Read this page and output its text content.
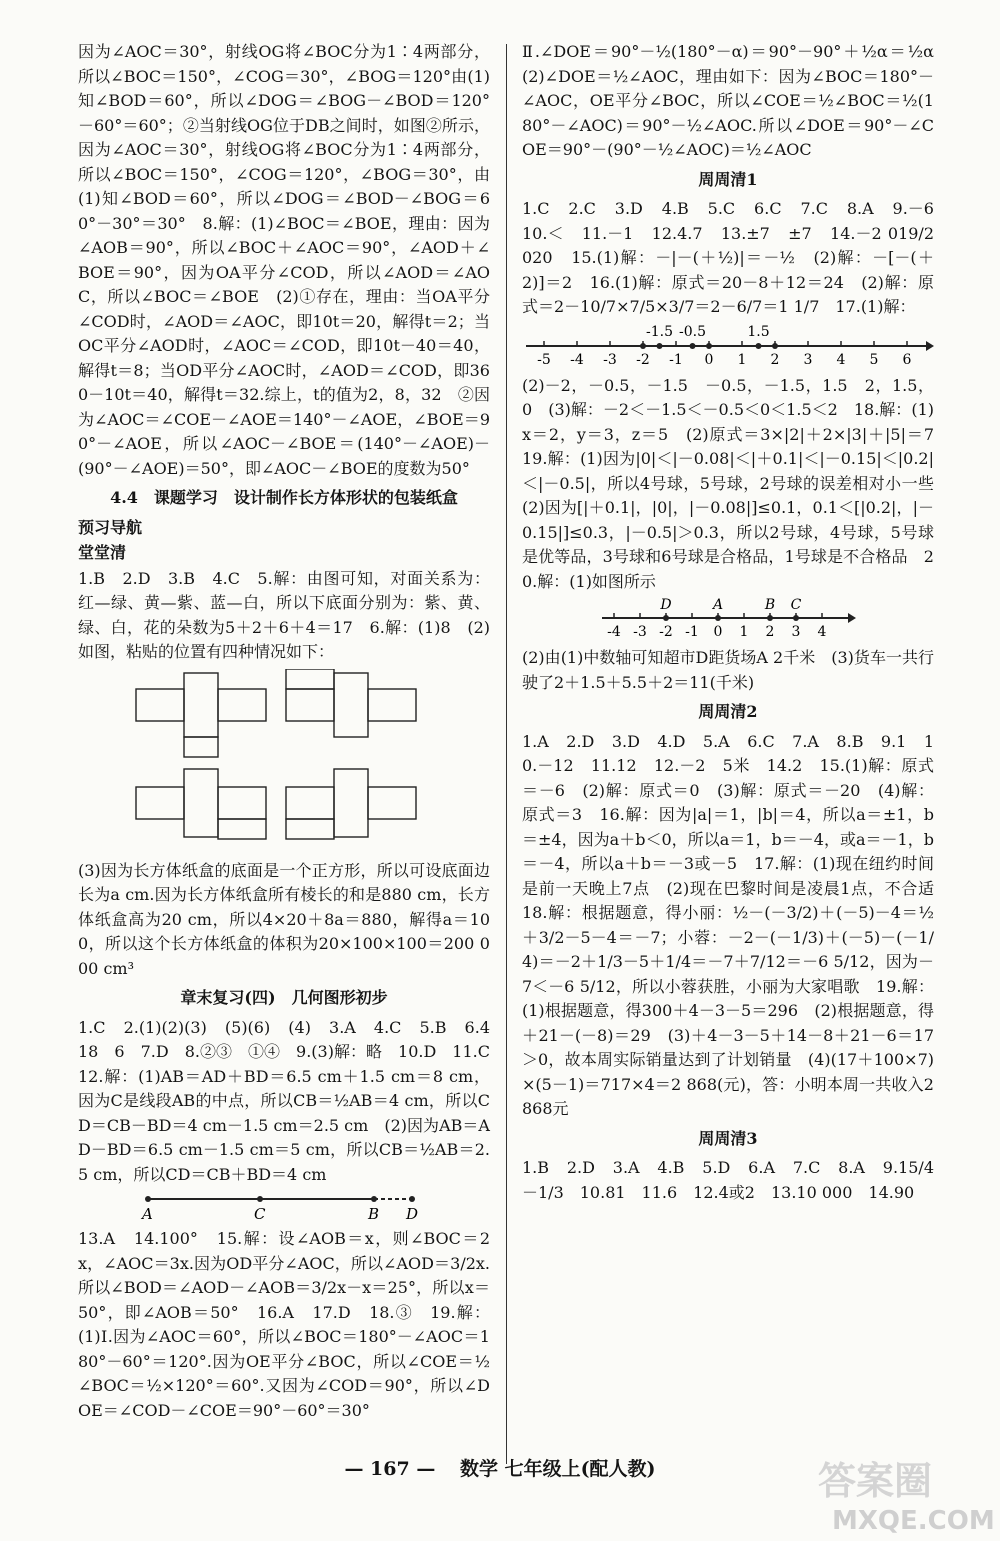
因为∠AOC＝30°，射线OG将∠BOC分为1∶4两部分，所以∠BOC＝150°，∠COG＝30°，∠BOG＝120°由(1)知∠BOD＝60°，所以∠DOG＝∠BOG－∠BOD＝120°－60°＝60°；②当射线OG位于DB之间时，如图②所示，因为∠AOC＝30°，射线OG将∠BOC分为1∶4两部分，所以∠BOC＝150°，∠COG＝120°，∠BOG＝30°，由(1)知∠BOD＝60°，所以∠DOG＝∠BOD－∠BOG＝60°－30°＝30°　8.解：(1)∠BOC＝∠BOE，理由：因为∠AOB＝90°，所以∠BOC＋∠AOC＝90°，∠AOD＋∠BOE＝90°，因为OA平分∠COD，所以∠AOD＝∠AOC，所以∠BOC＝∠BOE　(2)①存在，理由：当OA平分∠COD时，∠AOD＝∠AOC，即10t＝20，解得t＝2；当OC平分∠AOD时，∠AOC＝∠COD，即10t－40＝40，解得t＝8；当OD平分∠AOC时，∠AOD＝∠COD，即360－10t＝40，解得t＝32.综上，t的值为2，8，32　②因为∠AOC＝∠COE－∠AOE＝140°－∠AOE，∠BOE＝90°－∠AOE，所以∠AOC－∠BOE＝(140°－∠AOE)－(90°－∠AOE)＝50°，即∠AOC－∠BOE的度数为50°

4.4　课题学习　设计制作长方体形状的包装纸盒
预习导航
堂堂清

1.B　2.D　3.B　4.C　5.解：由图可知，对面关系为：红—绿、黄—紫、蓝—白，所以下底面分别为：紫、黄、绿、白，花的朵数为5＋2＋6＋4＝17　6.解：(1)8　(2)如图，粘贴的位置有四种情况如下：

(3)因为长方体纸盒的底面是一个正方形，所以可设底面边长为a cm.因为长方体纸盒所有棱长的和是880 cm，长方体纸盒高为20 cm，所以4×20＋8a＝880，解得a＝100，所以这个长方体纸盒的体积为20×100×100＝200 000 cm³

章末复习(四)　几何图形初步

1.C　2.(1)(2)(3)　(5)(6)　(4)　3.A　4.C　5.B　6.4　18　6　7.D　8.②③　①④　9.(3)解：略　10.D　11.C　12.解：(1)AB＝AD＋BD＝6.5 cm＋1.5 cm＝8 cm，因为C是线段AB的中点，所以CB＝½AB＝4 cm，所以CD＝CB－BD＝4 cm－1.5 cm＝2.5 cm　(2)因为AB＝AD－BD＝6.5 cm－1.5 cm＝5 cm，所以CB＝½AB＝2.5 cm，所以CD＝CB＋BD＝4 cm

A	C	B D

13.A　14.100°　15.解：设∠AOB＝x，则∠BOC＝2x，∠AOC＝3x.因为OD平分∠AOC，所以∠AOD＝3/2x.所以∠BOD＝∠AOD－∠AOB＝3/2x－x＝25°，所以x＝50°，即∠AOB＝50°　16.A　17.D　18.③　19.解：(1)Ⅰ.因为∠AOC＝60°，所以∠BOC＝180°－∠AOC＝180°－60°＝120°.因为OE平分∠BOC，所以∠COE＝½∠BOC＝½×120°＝60°.又因为∠COD＝90°，所以∠DOE＝∠COD－∠COE＝90°－60°＝30°

Ⅱ.∠DOE＝90°－½(180°－α)＝90°－90°＋½α＝½α　(2)∠DOE＝½∠AOC，理由如下：因为∠BOC＝180°－∠AOC，OE平分∠BOC，所以∠COE＝½∠BOC＝½(180°－∠AOC)＝90°－½∠AOC.所以∠DOE＝90°－∠COE＝90°－(90°－½∠AOC)＝½∠AOC

周周清1

1.C　2.C　3.D　4.B　5.C　6.C　7.C　8.A　9.－6　10.＜　11.－1　12.4.7　13.±7　±7　14.－2 019/2 020　15.(1)解：－|－(＋½)|＝－½　(2)解：－[－(＋2)]＝2　16.(1)解：原式＝20－8＋12＝24　(2)解：原式＝2－10/7×7/5×3/7＝2－6/7＝1 1/7　17.(1)解：

-5 -4 -3 -2 -1 0 1 2 3 4 5 6
-1.5 -0.5	1.5

(2)－2，－0.5，－1.5　－0.5，－1.5，1.5　2，1.5，0　(3)解：－2＜－1.5＜－0.5＜0＜1.5＜2　18.解：(1)x＝2，y＝3，z＝5　(2)原式＝3×|2|＋2×|3|＋|5|＝7　19.解：(1)因为|0|＜|－0.08|＜|＋0.1|＜|－0.15|＜|0.2|＜|－0.5|，所以4号球，5号球，2号球的误差相对小一些　(2)因为[|＋0.1|，|0|，|－0.08|]≤0.1，0.1＜[|0.2|，|－0.15|]≤0.3，|－0.5|＞0.3，所以2号球，4号球，5号球是优等品，3号球和6号球是合格品，1号球是不合格品　20.解：(1)如图所示

-4 -3 -2 -1 0 1 2 3 4
D	A	B C

(2)由(1)中数轴可知超市D距货场A 2千米　(3)货车一共行驶了2＋1.5＋5.5＋2＝11(千米)

周周清2

1.A　2.D　3.D　4.D　5.A　6.C　7.A　8.B　9.1　10.－12　11.12　12.－2　5米　14.2　15.(1)解：原式＝－6　(2)解：原式＝0　(3)解：原式＝－20　(4)解：原式＝3　16.解：因为|a|＝1，|b|＝4，所以a＝±1，b＝±4，因为a＋b＜0，所以a＝1，b＝－4，或a＝－1，b＝－4，所以a＋b＝－3或－5　17.解：(1)现在纽约时间是前一天晚上7点　(2)现在巴黎时间是凌晨1点，不合适　18.解：根据题意，得小丽：½－(－3/2)＋(－5)－4＝½＋3/2－5－4＝－7；小蓉：－2－(－1/3)＋(－5)－(－1/4)＝－2＋1/3－5＋1/4＝－7＋7/12＝－6 5/12，因为－7＜－6 5/12，所以小蓉获胜，小丽为大家唱歌　19.解：(1)根据题意，得300＋4－3－5＝296　(2)根据题意，得＋21－(－8)＝29　(3)＋4－3－5＋14－8＋21－6＝17＞0，故本周实际销量达到了计划销量　(4)(17＋100×7)×(5－1)＝717×4＝2 868(元)，答：小明本周一共收入2 868元

周周清3

1.B　2.D　3.A　4.B　5.D　6.A　7.C　8.A　9.15/4　－1/3　10.81　11.6　12.4或2　13.10 000　14.90

— 167 — 数学 七年级上(配人教)	答案圈
MXQE.COM
